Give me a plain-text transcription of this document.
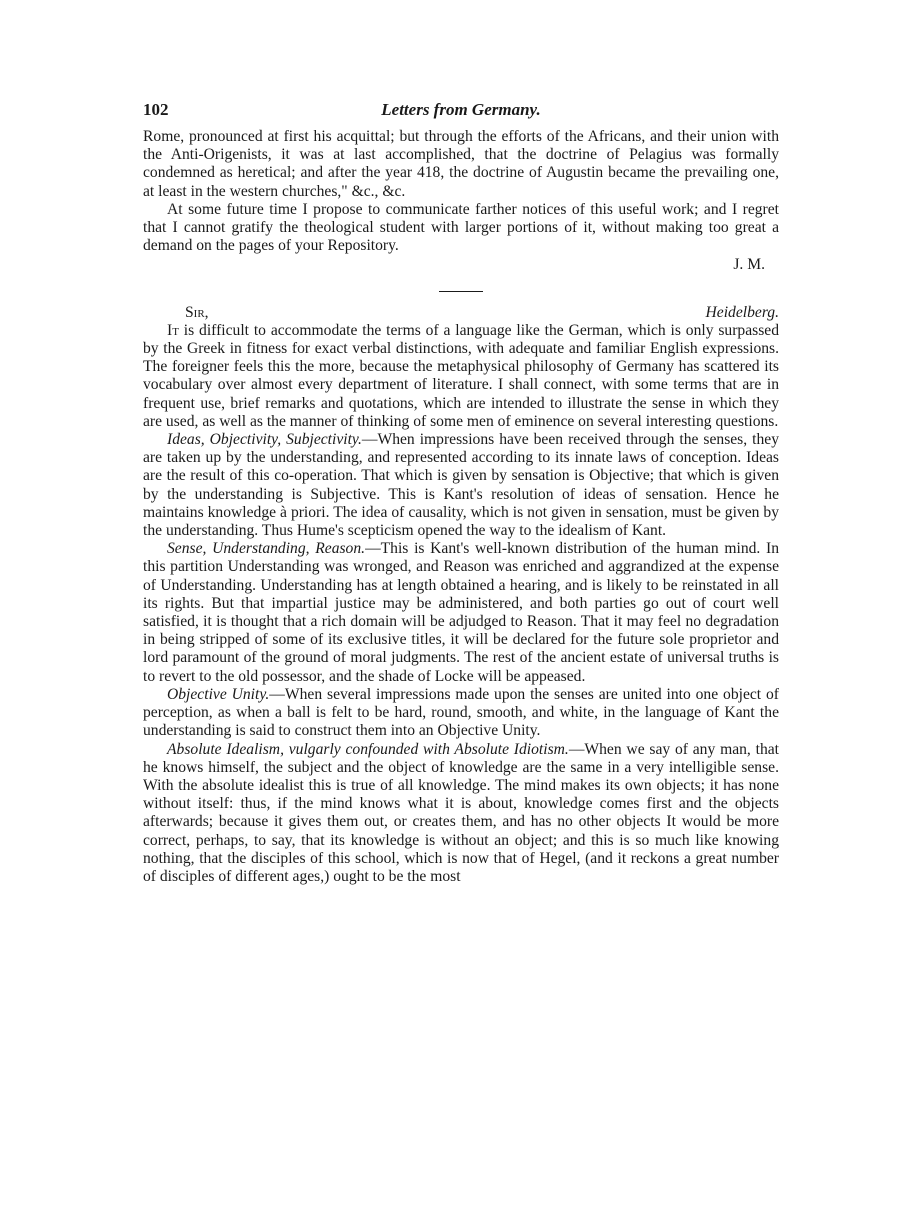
102	Letters from Germany.

Rome, pronounced at first his acquittal; but through the efforts of the Africans, and their union with the Anti-Origenists, it was at last accomplished, that the doctrine of Pelagius was formally condemned as heretical; and after the year 418, the doctrine of Augustin became the prevailing one, at least in the western churches," &c., &c.

At some future time I propose to communicate farther notices of this useful work; and I regret that I cannot gratify the theological student with larger portions of it, without making too great a demand on the pages of your Repository.

J. M.

Sir,	Heidelberg.

It is difficult to accommodate the terms of a language like the German, which is only surpassed by the Greek in fitness for exact verbal distinctions, with adequate and familiar English expressions. The foreigner feels this the more, because the metaphysical philosophy of Germany has scattered its vocabulary over almost every department of literature. I shall connect, with some terms that are in frequent use, brief remarks and quotations, which are intended to illustrate the sense in which they are used, as well as the manner of thinking of some men of eminence on several interesting questions.

Ideas, Objectivity, Subjectivity.—When impressions have been received through the senses, they are taken up by the understanding, and represented according to its innate laws of conception. Ideas are the result of this co-operation. That which is given by sensation is Objective; that which is given by the understanding is Subjective. This is Kant's resolution of ideas of sensation. Hence he maintains knowledge à priori. The idea of causality, which is not given in sensation, must be given by the understanding. Thus Hume's scepticism opened the way to the idealism of Kant.

Sense, Understanding, Reason.—This is Kant's well-known distribution of the human mind. In this partition Understanding was wronged, and Reason was enriched and aggrandized at the expense of Understanding. Understanding has at length obtained a hearing, and is likely to be reinstated in all its rights. But that impartial justice may be administered, and both parties go out of court well satisfied, it is thought that a rich domain will be adjudged to Reason. That it may feel no degradation in being stripped of some of its exclusive titles, it will be declared for the future sole proprietor and lord paramount of the ground of moral judgments. The rest of the ancient estate of universal truths is to revert to the old possessor, and the shade of Locke will be appeased.

Objective Unity.—When several impressions made upon the senses are united into one object of perception, as when a ball is felt to be hard, round, smooth, and white, in the language of Kant the understanding is said to construct them into an Objective Unity.

Absolute Idealism, vulgarly confounded with Absolute Idiotism.—When we say of any man, that he knows himself, the subject and the object of knowledge are the same in a very intelligible sense. With the absolute idealist this is true of all knowledge. The mind makes its own objects; it has none without itself: thus, if the mind knows what it is about, knowledge comes first and the objects afterwards; because it gives them out, or creates them, and has no other objects It would be more correct, perhaps, to say, that its knowledge is without an object; and this is so much like knowing nothing, that the disciples of this school, which is now that of Hegel, (and it reckons a great number of disciples of different ages,) ought to be the most
